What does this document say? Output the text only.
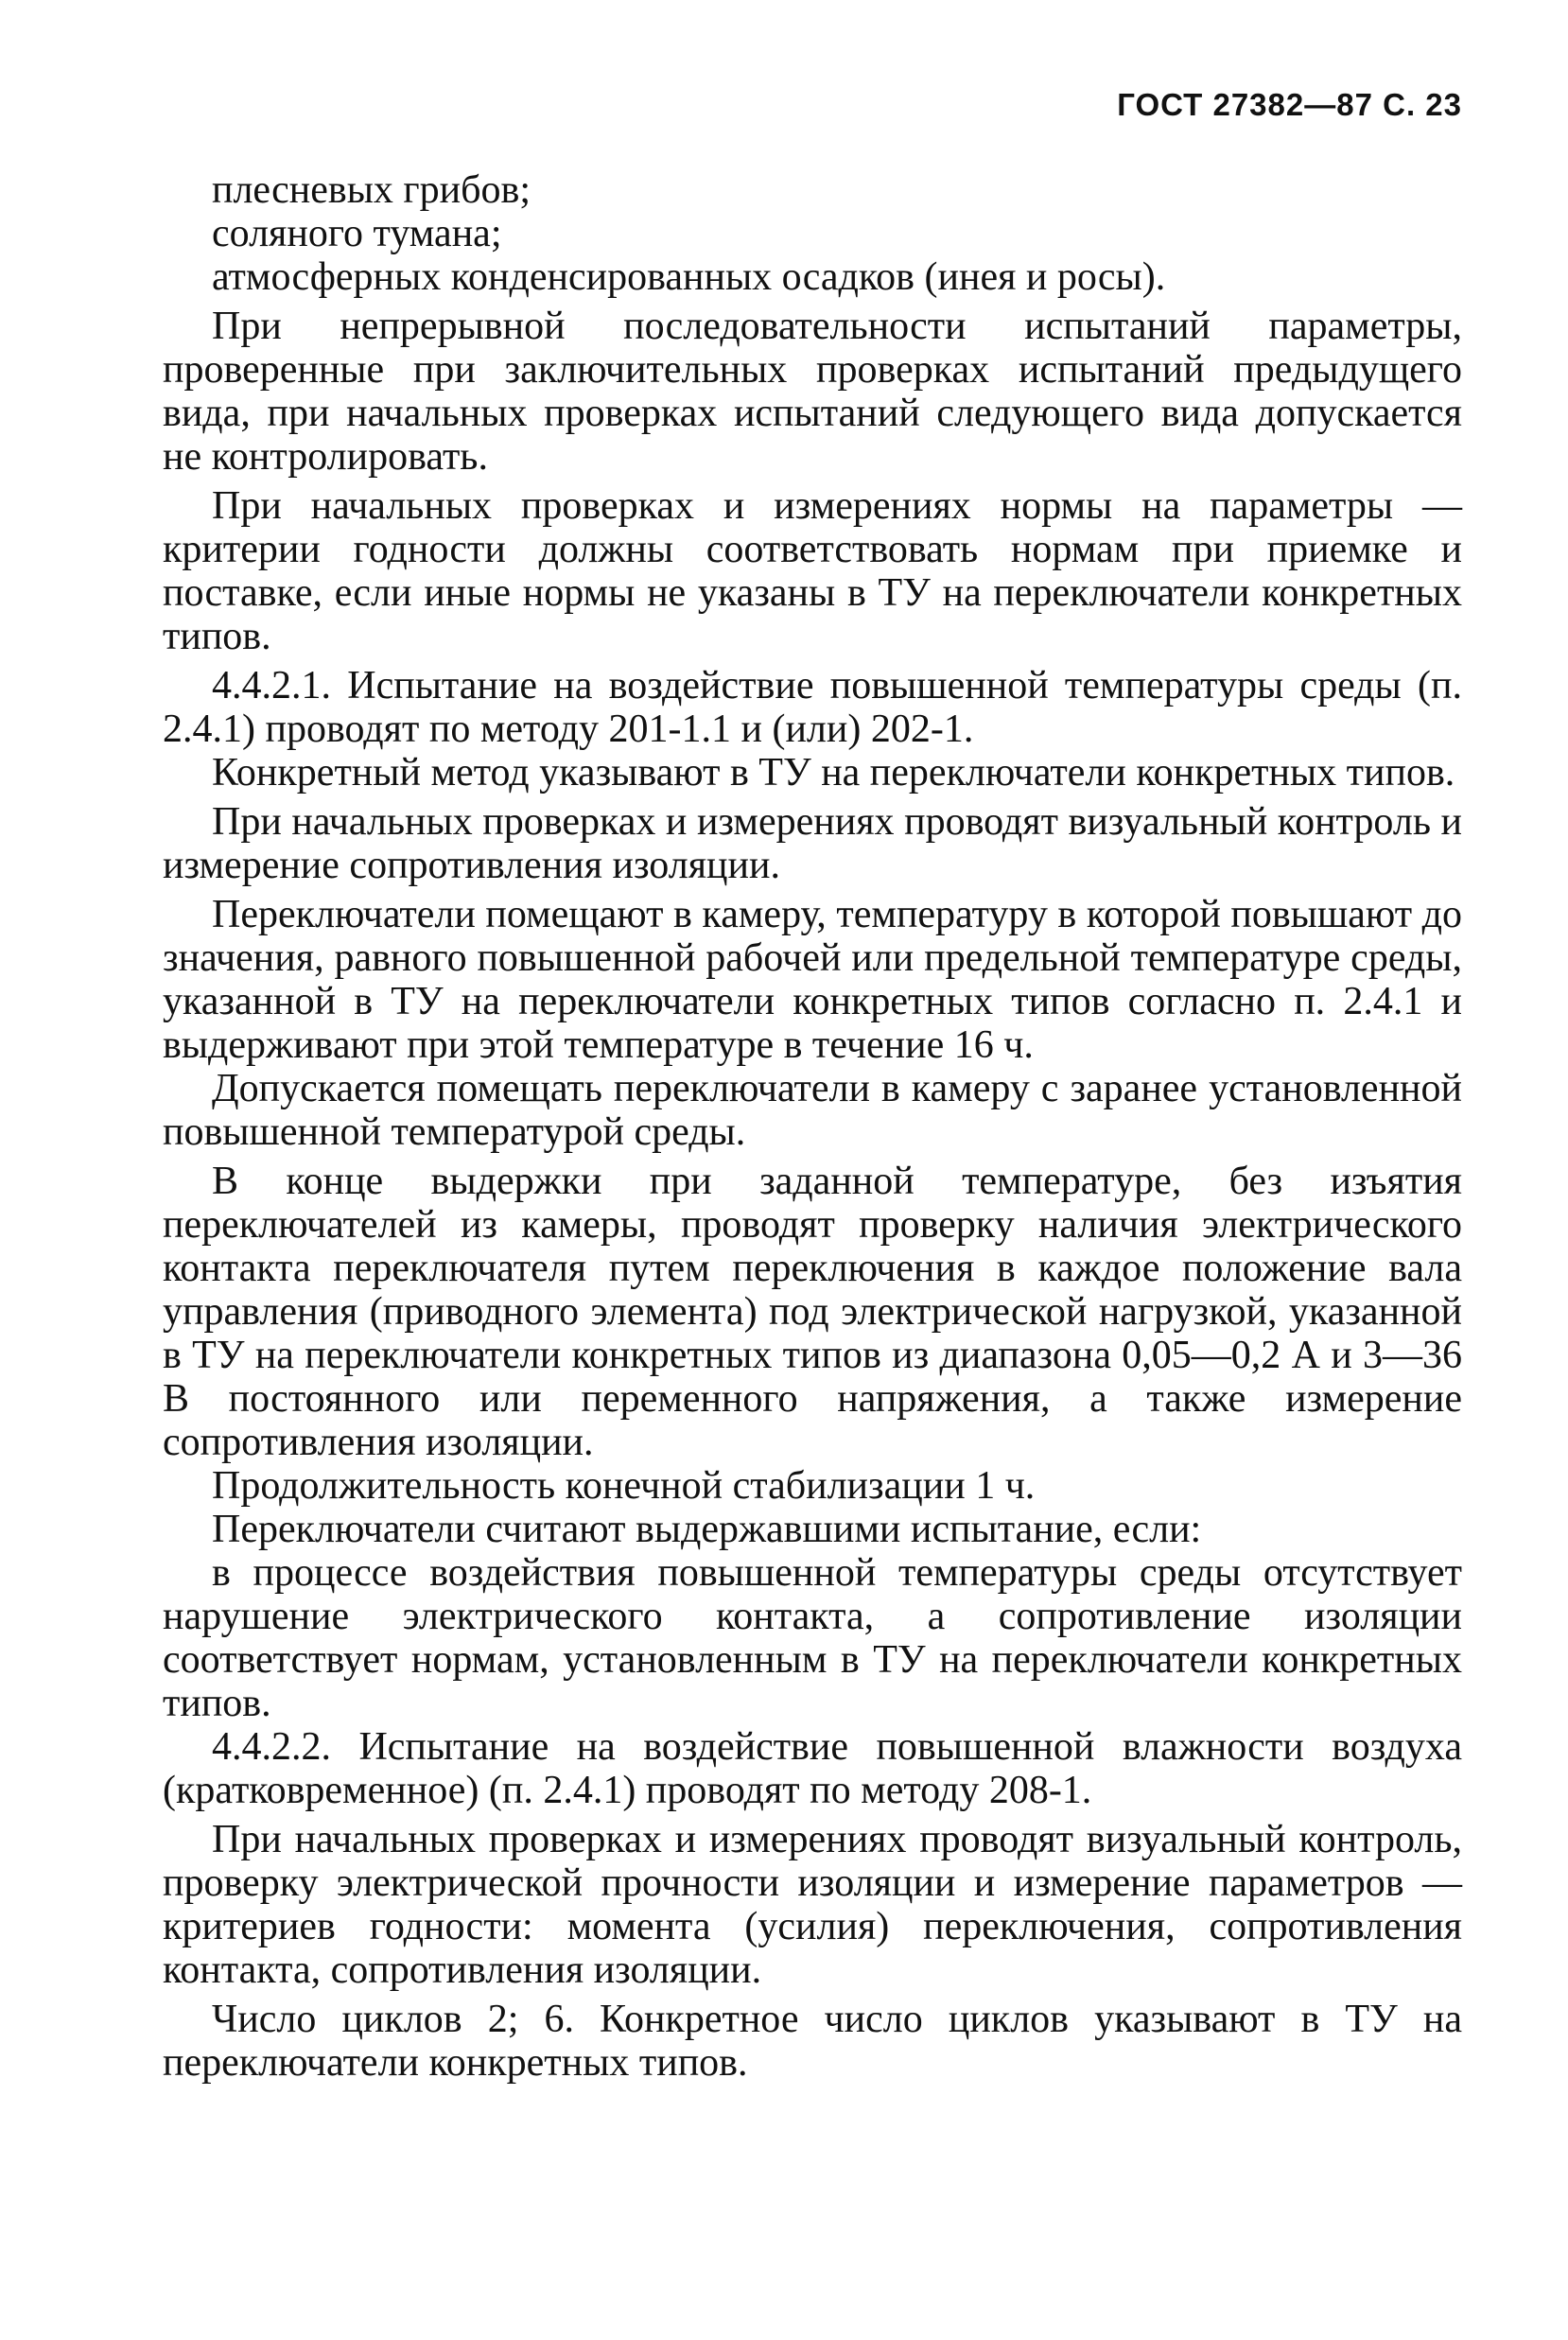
ГОСТ 27382—87 С. 23

плесневых грибов;

соляного тумана;

атмосферных конденсированных осадков (инея и росы).

При непрерывной последовательности испытаний параметры, проверенные при заключительных проверках испытаний предыдущего вида, при начальных проверках испытаний следующего вида допускается не контролировать.

При начальных проверках и измерениях нормы на параметры — критерии годности должны соответствовать нормам при приемке и поставке, если иные нормы не указаны в ТУ на переключатели конкретных типов.

4.4.2.1. Испытание на воздействие повышенной температуры среды (п. 2.4.1) проводят по методу 201-1.1 и (или) 202-1.

Конкретный метод указывают в ТУ на переключатели конкретных типов.

При начальных проверках и измерениях проводят визуальный контроль и измерение сопротивления изоляции.

Переключатели помещают в камеру, температуру в которой повышают до значения, равного повышенной рабочей или предельной температуре среды, указанной в ТУ на переключатели конкретных типов согласно п. 2.4.1 и выдерживают при этой температуре в течение 16 ч.

Допускается помещать переключатели в камеру с заранее установленной повышенной температурой среды.

В конце выдержки при заданной температуре, без изъятия переключателей из камеры, проводят проверку наличия электрического контакта переключателя путем переключения в каждое положение вала управления (приводного элемента) под электрической нагрузкой, указанной в ТУ на переключатели конкретных типов из диапазона 0,05—0,2 А и 3—36 В постоянного или переменного напряжения, а также измерение сопротивления изоляции.

Продолжительность конечной стабилизации 1 ч.

Переключатели считают выдержавшими испытание, если:

в процессе воздействия повышенной температуры среды отсутствует нарушение электрического контакта, а сопротивление изоляции соответствует нормам, установленным в ТУ на переключатели конкретных типов.

4.4.2.2. Испытание на воздействие повышенной влажности воздуха (кратковременное) (п. 2.4.1) проводят по методу 208-1.

При начальных проверках и измерениях проводят визуальный контроль, проверку электрической прочности изоляции и измерение параметров — критериев годности: момента (усилия) переключения, сопротивления контакта, сопротивления изоляции.

Число циклов 2; 6. Конкретное число циклов указывают в ТУ на переключатели конкретных типов.
